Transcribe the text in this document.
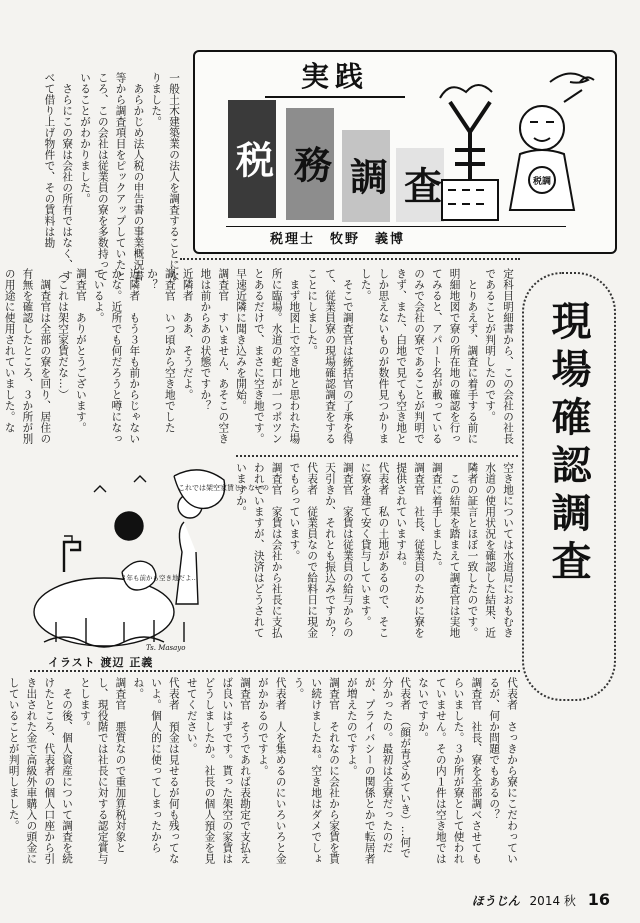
実践
税 務 調 査	税調
税理士　牧野　義博
一般土木建築業の法人を調査することになりました。
　あらかじめ法人税の申告書の事業概況書等から調査項目をピックアップしていたところ、この会社は従業員の寮を多数持っていることがわかりました。
　さらにこの寮は会社の所有ではなく、すべて借り上げ物件で、その賃料は勘
定科目明細書から、この会社の社長であることが判明したのです。
　とりあえず、調査に着手する前に明細地図で寮の所在地の確認を行ってみると、アパート名が載っているのみで会社の寮であることが判明できず、また、白地で見ても空き地としか思えないものが数件見つかりました。
　そこで調査官は統括官の了承を得て、従業員寮の現場確認調査をすることにしました。
　まず地図上で空き地と思われた場所に臨場。水道の蛇口が一つポツンとあるだけで、まさに空き地です。早速近隣に聞き込みを開始。
調査官　すいません、あそこの空き地は前からあの状態ですか？
近隣者　ああ、そうだよ。
調査官　いつ頃から空き地でしたか？
近隣者　もう３年も前からじゃないかな。近所でも何だろうと噂になっているよ。
調査官　ありがとうございます。
（これは架空家賃だな…）
　調査官は全部の寮を回り、居住の有無を確認したところ、３か所が別の用途に使用されていました。な
空き地については水道局におもむき水道の使用状況を確認した結果、近隣者の証言とほぼ一致したのです。
　この結果を踏まえて調査官は実地調査に着手しました。
調査官　社長、従業員のために寮を提供されていますね。
代表者　私の土地があるので、そこに寮を建て安く貸与しています。
調査官　家賃は従業員の給与からの天引きか、それとも振込みですか？
代表者　従業員なので給料日に現金でもらっています。
調査官　家賃は会社から社長に支払われていますが、決済はどうされていますか。	現場確認調査
これでは架空家賃じゃないの
３年も前から空き地だよ…
Ts. Masayo
イラスト 渡辺 正義
代表者　さっきから寮にこだわっているが、何か問題でもあるの？
調査官　社長、寮を全部調べさせてもらいました。３か所が寮として使われていません。その内１件は空き地ではないですか。
代表者　（顔が青ざめていき）…何で分かったの。最初は全寮だったのだが、プライバシーの関係とかで転居者が増えたのですよ。
調査官　それなのに会社から家賃を貰い続けましたね。空き地はダメでしょう。
代表者　人を集めるのにいろいろと金がかかるのですよ。
調査官　そうであれば表勘定で支払えば良いはずです。貰った架空の家賃はどうしましたか。社長の個人預金を見せてください。
代表者　預金は見せるが何も残ってないよ。個人的に使ってしまったからね。
調査官　悪質なので重加算税対象とし、現役階では社長に対する認定賞与とします。
　その後、個人資産について調査を続けたところ、代表者の個人口座から引き出された金で高級外車購入の頭金にしていることが判明しました。
ほうじん 2014 秋 16
